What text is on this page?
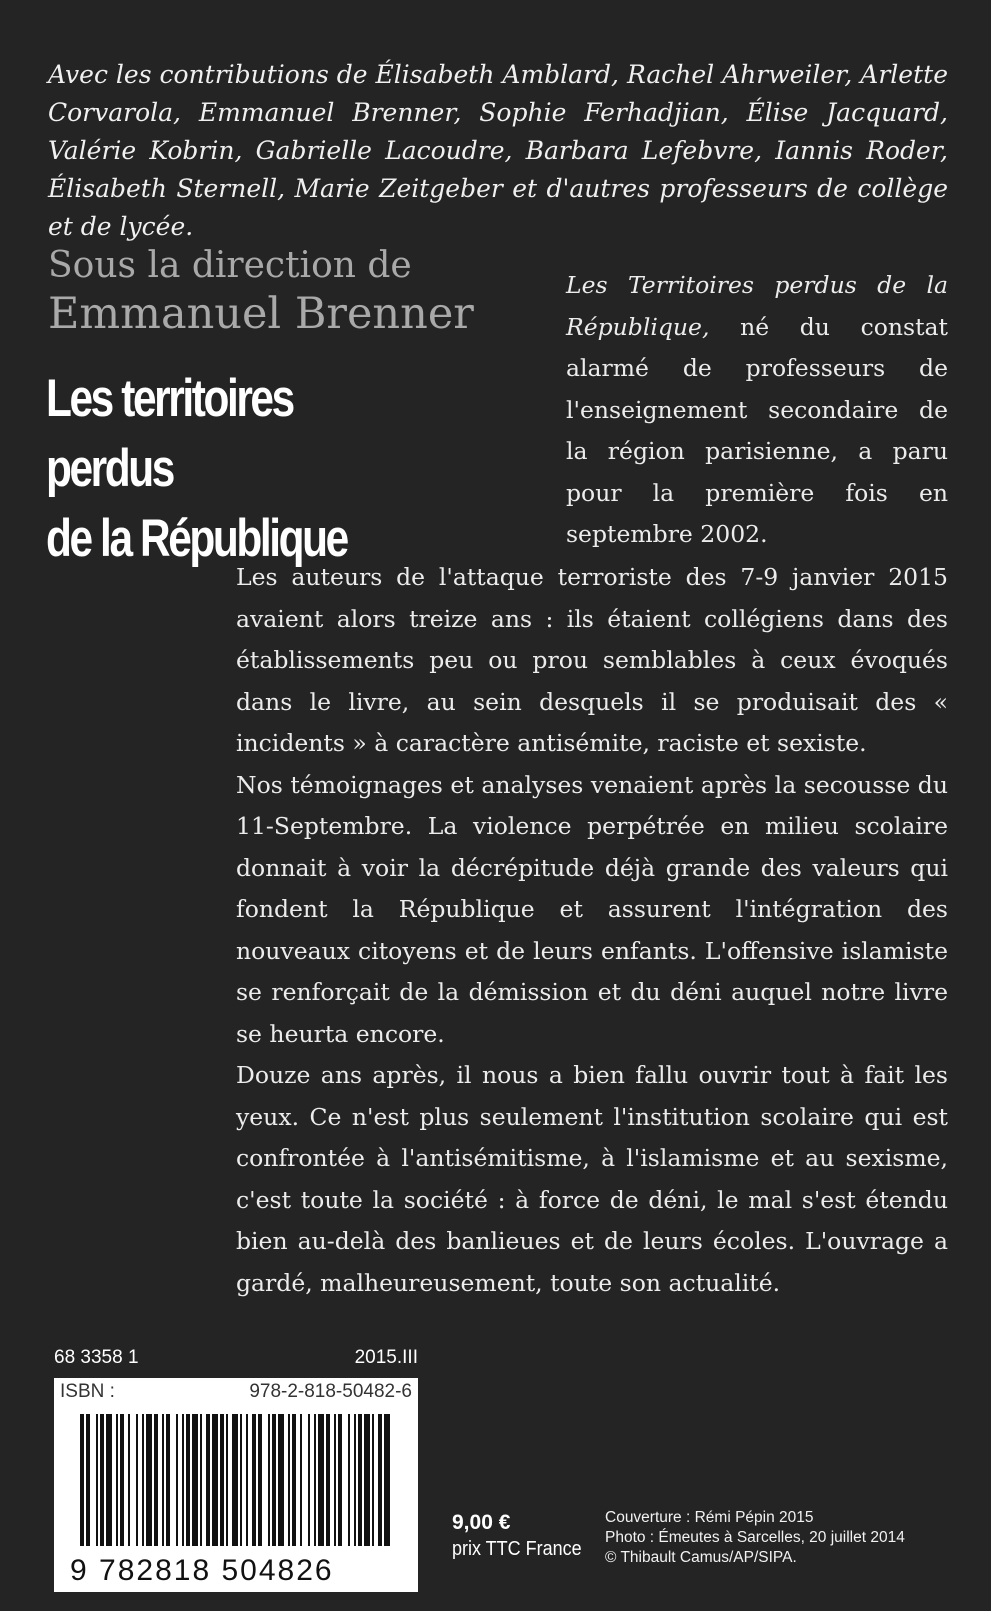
Avec les contributions de Élisabeth Amblard, Rachel Ahrweiler, Arlette Corvarola, Emmanuel Brenner, Sophie Ferhadjian, Élise Jacquard, Valérie Kobrin, Gabrielle Lacoudre, Barbara Lefebvre, Iannis Roder, Élisabeth Sternell, Marie Zeitgeber et d'autres professeurs de collège et de lycée.
Sous la direction de
Emmanuel Brenner
Les territoires perdus
de la République

Les Territoires perdus de la République, né du constat alarmé de professeurs de l'enseignement secondaire de la région parisienne, a paru pour la première fois en septembre 2002.

Les auteurs de l'attaque terroriste des 7-9 janvier 2015 avaient alors treize ans : ils étaient collégiens dans des établissements peu ou prou semblables à ceux évoqués dans le livre, au sein desquels il se produisait des « incidents » à caractère antisémite, raciste et sexiste.

Nos témoignages et analyses venaient après la secousse du 11-Septembre. La violence perpétrée en milieu scolaire donnait à voir la décrépitude déjà grande des valeurs qui fondent la République et assurent l'intégration des nouveaux citoyens et de leurs enfants. L'offensive islamiste se renforçait de la démission et du déni auquel notre livre se heurta encore.

Douze ans après, il nous a bien fallu ouvrir tout à fait les yeux. Ce n'est plus seulement l'institution scolaire qui est confrontée à l'antisémitisme, à l'islamisme et au sexisme, c'est toute la société : à force de déni, le mal s'est étendu bien au-delà des banlieues et de leurs écoles. L'ouvrage a gardé, malheureusement, toute son actualité.

68 3358 1	2015.III
ISBN :	978-2-818-50482-6
9 782818 504826
9,00 €
prix TTC France
Couverture : Rémi Pépin 2015
Photo : Émeutes à Sarcelles, 20 juillet 2014
© Thibault Camus/AP/SIPA.
